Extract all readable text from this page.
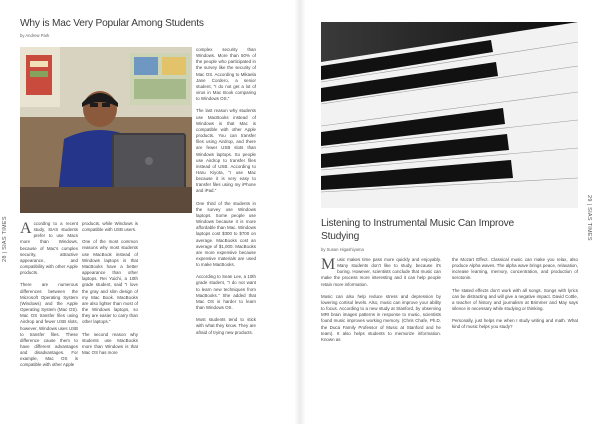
Why is Mac Very Popular Among Students
by Andrew Park

According to a recent study, SIAS students prefer to use Macs more than Windows, because of Mac's complex security, attractive appearance, and compatibility with other Apple products.

There are numerous differences between the Microsoft Operating System (Windows) and the Apple Operating System (Mac OS). Mac OS transfer files using Airdrop and fewer USB slots, however, Windows uses USB to transfer files. These difference cause them to have different advantages and disadvantages. For example, Mac OS is compatible with other Apple

products, while Windows is compatible with USB users.

One of the most common reasons why most students use MacBook instead of Windows laptops is that MacBooks have a better appearance than other laptops. Rei Yuichi, a 10th grade student, said "I love the gray and slim design of my Mac Book. MacBooks are also lighter than most of the Windows laptops, so they are easier to carry than other laptops."

The second reason why students use MacBooks more than Windows is that Mac OS has more

complex security than Windows. More than 50% of the people who participated in the survey like the security of Mac OS. According to Mikaela Jane Cordero, a senior student, "I do not get a lot of virus in Mac Book comparing to Windows OS."

The last reason why students use MacBooks instead of Windows is that Mac is compatible with other Apple products. You can transfer files using Airdrop, and there are fewer USB slots than Windows laptops. So people use Airdrop to transfer files instead of USB. According to Haru Kiyota, "I use Mac because it is very easy to transfer files using my iPhone and iPad."

One third of the students in the survey use Windows laptops. Some people use Windows because it is more affordable than Mac. Windows laptops cost $300 to $700 on average. MacBooks cost an average of $1,000. MacBooks are more expensive because expensive materials are used to make MacBooks.

According to Sean Lee, a 10th grade student, "I do not want to learn new techniques from MacBooks." She added that Mac OS is harder to learn than Windows OS.

Most students tend to stick with what they know. They are afraid of trying new products.

Listening to Instrumental Music Can Improve Studying
by Susan Higashiyama

Music makes time pass more quickly and enjoyably. Many students don't like to study, because it's boring. However, scientists conclude that music can make the process more interesting and it can help people retain more information.

Music can also help reduce stress and depression by lowering cortisol levels. Also, music can improve your ability to focus. According to a new study at Stanford, by observing MRI brain images patterns in response to music, scientists found music improves working memory. (Chris Chafe, Ph.D. the Duca Family Professor of Music at Stanford and he team). It also helps students to memorize information. Known as

the Mozart Effect. Classical music can make you relax, also produce Alpha waves. The alpha wave brings peace, relaxation, increase learning, memory, concentration, and production of serotonin.

The stated effects don't work with all songs. Songs with lyrics can be distracting and will give a negative impact. David Cottle, a teacher of history and journalism at Brimmer and May says silence is necessary while studying or thinking.

Personally, just helps me when I study writing and math. What kind of music helps you study?

28 | SIAS TIMES	29 | SIAS TIMES
